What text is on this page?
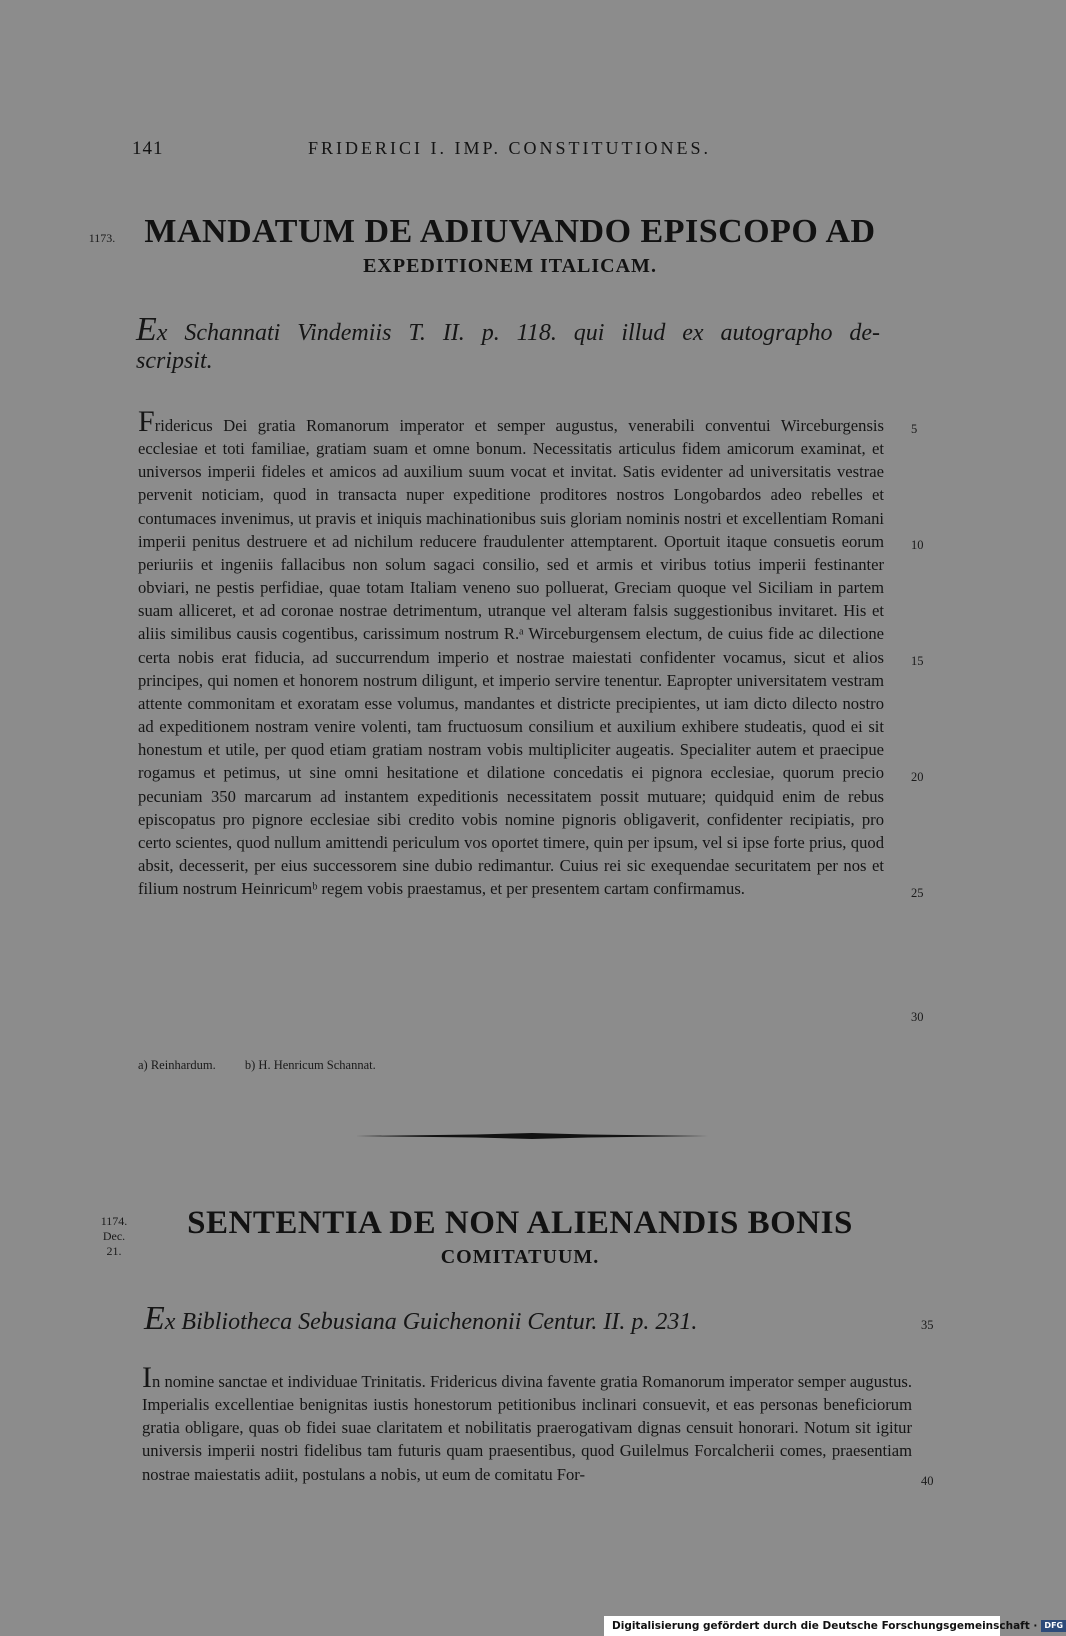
141	FRIDERICI I. IMP. CONSTITUTIONES.
1173. MANDATUM DE ADIUVANDO EPISCOPO AD
EXPEDITIONEM ITALICAM.
Ex Schannati Vindemiis T. II. p. 118. qui illud ex autographo de-
scripsit.
Fridericus Dei gratia Romanorum imperator et semper augustus, venerabili conventui Wirceburgensis ecclesiae et toti familiae, gratiam suam et omne bonum. Necessitatis articulus fidem amicorum examinat, et universos imperii fideles et amicos ad auxilium suum vocat et invitat. Satis evidenter ad universitatis vestrae pervenit noticiam, quod in transacta nuper expeditione proditores nostros Longobardos adeo rebelles et contumaces invenimus, ut pravis et iniquis machinationibus suis gloriam nominis nostri et excellentiam Romani imperii penitus destruere et ad nichilum reducere fraudulenter attemptarent. Oportuit itaque consuetis eorum periuriis et ingeniis fallacibus non solum sagaci consilio, sed et armis et viribus totius imperii festinanter obviari, ne pestis perfidiae, quae totam Italiam veneno suo polluerat, Greciam quoque vel Siciliam in partem suam alliceret, et ad coronae nostrae detrimentum, utranque vel alteram falsis suggestionibus invitaret. His et aliis similibus causis cogentibus, carissimum nostrum R.ᵃ Wirceburgensem electum, de cuius fide ac dilectione certa nobis erat fiducia, ad succurrendum imperio et nostrae maiestati confidenter vocamus, sicut et alios principes, qui nomen et honorem nostrum diligunt, et imperio servire tenentur. Eapropter universitatem vestram attente commonitam et exoratam esse volumus, mandantes et districte precipientes, ut iam dicto dilecto nostro ad expeditionem nostram venire volenti, tam fructuosum consilium et auxilium exhibere studeatis, quod ei sit honestum et utile, per quod etiam gratiam nostram vobis multipliciter augeatis. Specialiter autem et praecipue rogamus et petimus, ut sine omni hesitatione et dilatione concedatis ei pignora ecclesiae, quorum precio pecuniam 350 marcarum ad instantem expeditionis necessitatem possit mutuare; quidquid enim de rebus episcopatus pro pignore ecclesiae sibi credito vobis nomine pignoris obligaverit, confidenter recipiatis, pro certo scientes, quod nullum amittendi periculum vos oportet timere, quin per ipsum, vel si ipse forte prius, quod absit, decesserit, per eius successorem sine dubio redimantur. Cuius rei sic exequendae securitatem per nos et filium nostrum Heinricumᵇ regem vobis praestamus, et per presentem cartam confirmamus.
5
10
15
20
25
30
a) Reinhardum. b) H. Henricum Schannat.
1174.
Dec.
21.
SENTENTIA DE NON ALIENANDIS BONIS
COMITATUUM.
Ex Bibliotheca Sebusiana Guichenonii Centur. II. p. 231.	35
In nomine sanctae et individuae Trinitatis. Fridericus divina favente gratia Romanorum imperator semper augustus. Imperialis excellentiae benignitas iustis honestorum petitionibus inclinari consuevit, et eas personas beneficiorum gratia obligare, quas ob fidei suae claritatem et nobilitatis praerogativam dignas censuit honorari. Notum sit igitur universis imperii nostri fidelibus tam futuris quam praesentibus, quod Guilelmus Forcalcherii comes, praesentiam nostrae maiestatis adiit, postulans a nobis, ut eum de comitatu For-	40
Digitalisierung gefördert durch die Deutsche Forschungsgemeinschaft · DFG
